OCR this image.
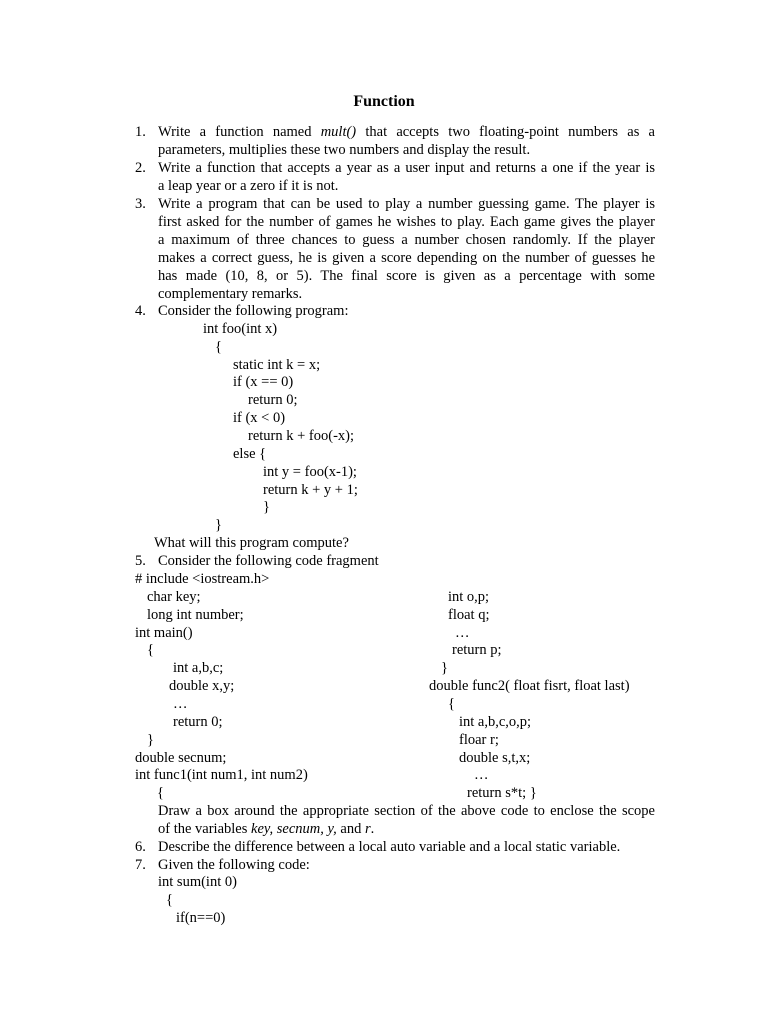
Function
1. Write a function named mult() that accepts two floating-point numbers as a
parameters, multiplies these two numbers and display the result.
2. Write a function that accepts a year as a user input and returns a one if the year is
a leap year or a zero if it is not.
3. Write a program that can be used to play a number guessing game. The player is
first asked for the number of games he wishes to play. Each game gives the player
a maximum of three chances to guess a number chosen randomly. If the player
makes a correct guess, he is given a score depending on the number of guesses he
has made (10, 8, or 5). The final score is given as a percentage with some
complementary remarks.
4. Consider the following program:
int foo(int x)
{
static int k = x;
if (x == 0)
return 0;
if (x < 0)
return k + foo(-x);
else {
int y = foo(x-1);
return k + y + 1;
}
}
What will this program compute?
5. Consider the following code fragment
# include <iostream.h>
char key;
long int number;
int main()
{
int a,b,c;
double x,y;
…
return 0;
}
double secnum;
int func1(int num1, int num2)
{
int o,p;
float q;
…
return p;
}
double func2( float fisrt, float last)
{
int a,b,c,o,p;
floar r;
double s,t,x;
…
return s*t; }
Draw a box around the appropriate section of the above code to enclose the scope
of the variables key, secnum, y, and r.
6. Describe the difference between a local auto variable and a local static variable.
7. Given the following code:
int sum(int 0)
{
if(n==0)
